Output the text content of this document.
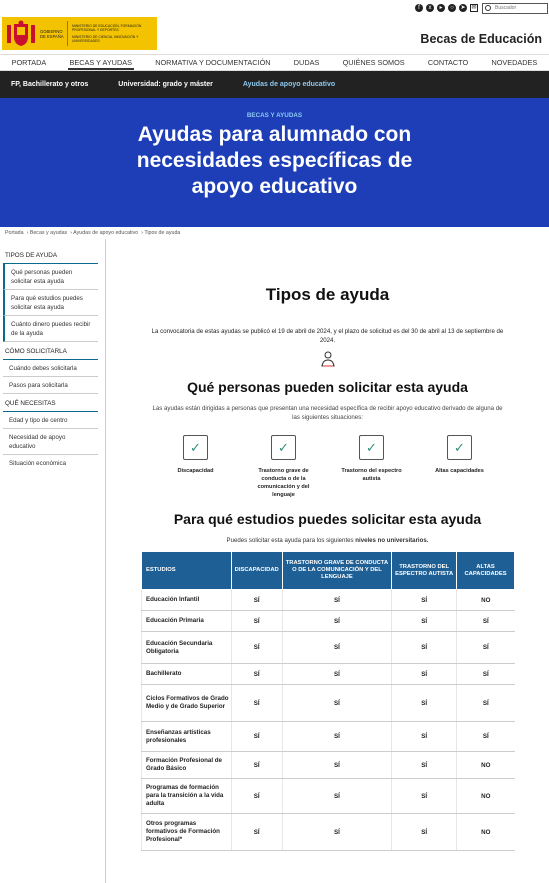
GOBIERNO
DE ESPAÑA
MINISTERIO DE EDUCACIÓN, FORMACIÓN PROFESIONAL Y DEPORTES
MINISTERIO DE CIENCIA, INNOVACIÓN Y UNIVERSIDADES
f	x	▸	○	➤ ✉	Buscador
Becas de Educación
PORTADA	BECAS Y AYUDAS	NORMATIVA Y DOCUMENTACIÓN	DUDAS	QUIÉNES SOMOS	CONTACTO	NOVEDADES
FP, Bachillerato y otros	Universidad: grado y máster	Ayudas de apoyo educativo
BECAS Y AYUDAS
Ayudas para alumnado con
necesidades específicas de
apoyo educativo
Portada › Becas y ayudas › Ayudas de apoyo educativo › Tipos de ayuda
TIPOS DE AYUDA
Qué personas pueden solicitar esta ayuda
Para qué estudios puedes solicitar esta ayuda
Cuánto dinero puedes recibir de la ayuda
CÓMO SOLICITARLA
Cuándo debes solicitarla
Pasos para solicitarla
QUÉ NECESITAS
Edad y tipo de centro
Necesidad de apoyo educativo
Situación económica
Tipos de ayuda

La convocatoria de estas ayudas se publicó el 19 de abril de 2024, y el plazo de solicitud es del 30 de abril al 13 de septiembre de 2024.

Qué personas pueden solicitar esta ayuda

Las ayudas están dirigidas a personas que presentan una necesidad específica de recibir apoyo educativo derivado de alguna de las siguientes situaciones:

✓
Discapacidad
✓
Trastorno grave de conducta o de la comunicación y del lenguaje
✓
Trastorno del espectro autista
✓
Altas capacidades
Para qué estudios puedes solicitar esta ayuda

Puedes solicitar esta ayuda para los siguientes niveles no universitarios.

ESTUDIOS	DISCAPACIDAD	TRASTORNO GRAVE DE CONDUCTA O DE LA COMUNICACIÓN Y DEL LENGUAJE	TRASTORNO DEL ESPECTRO AUTISTA	ALTAS CAPACIDADES
Educación Infantil	SÍ	SÍ	SÍ	NO
Educación Primaria	SÍ	SÍ	SÍ	SÍ
Educación Secundaria Obligatoria	SÍ	SÍ	SÍ	SÍ
Bachillerato	SÍ	SÍ	SÍ	SÍ
Ciclos Formativos de Grado Medio y de Grado Superior	SÍ	SÍ	SÍ	SÍ
Enseñanzas artísticas profesionales	SÍ	SÍ	SÍ	SÍ
Formación Profesional de Grado Básico	SÍ	SÍ	SÍ	NO
Programas de formación para la transición a la vida adulta	SÍ	SÍ	SÍ	NO
Otros programas formativos de Formación Profesional*	SÍ	SÍ	SÍ	NO
